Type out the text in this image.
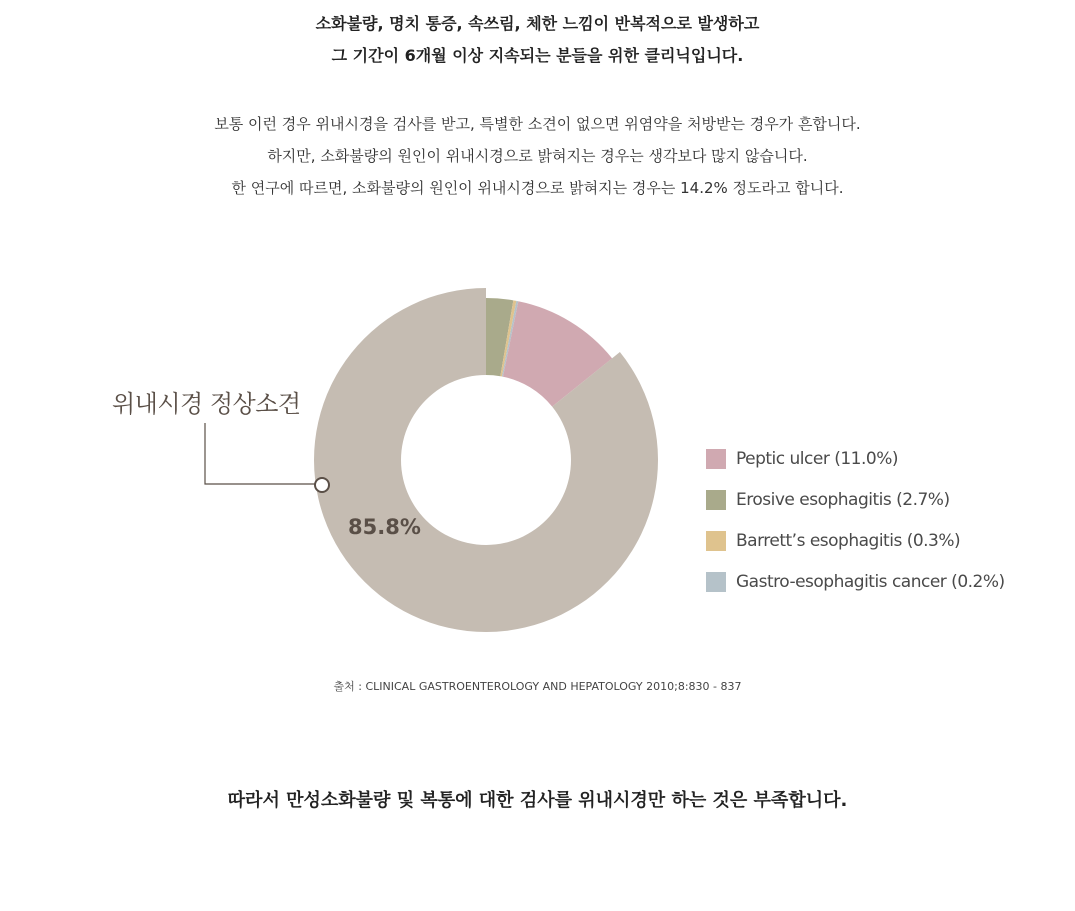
소화불량, 명치 통증, 속쓰림, 체한 느낌이 반복적으로 발생하고

그 기간이 6개월 이상 지속되는 분들을 위한 클리닉입니다.

보통 이런 경우 위내시경을 검사를 받고, 특별한 소견이 없으면 위염약을 처방받는 경우가 흔합니다.

하지만, 소화불량의 원인이 위내시경으로 밝혀지는 경우는 생각보다 많지 않습니다.

한 연구에 따르면, 소화불량의 원인이 위내시경으로 밝혀지는 경우는 14.2% 정도라고 합니다.

위내시경 정상소견
85.8%
Peptic ulcer (11.0%)
Erosive esophagitis (2.7%)
Barrett’s esophagitis (0.3%)
Gastro-esophagitis cancer (0.2%)
출처 : CLINICAL GASTROENTEROLOGY AND HEPATOLOGY 2010;8:830 - 837
따라서 만성소화불량 및 복통에 대한 검사를 위내시경만 하는 것은 부족합니다.
